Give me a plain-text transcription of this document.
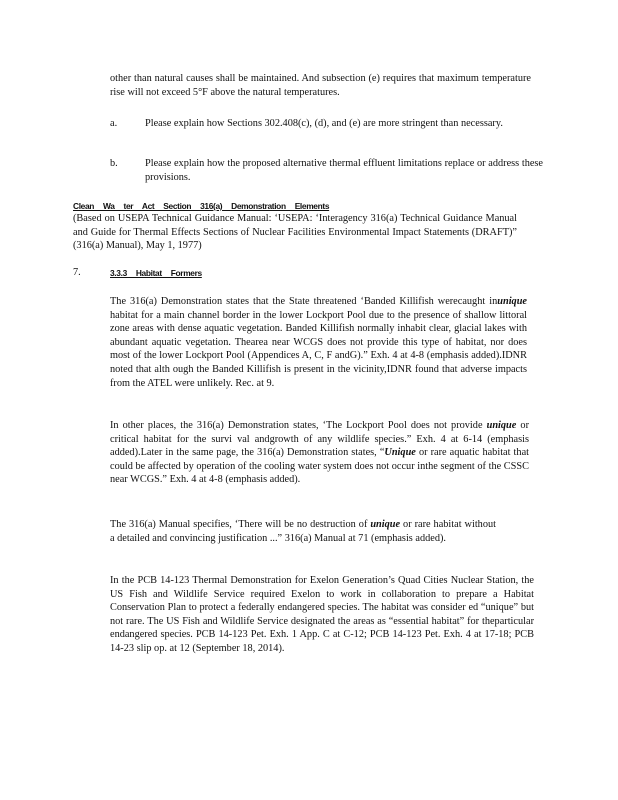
other than natural causes shall be maintained. And subsection (e) requires that maximum temperature rise will not exceed 5°F above the natural temperatures.

a.	Please explain how Sections 302.408(c), (d), and (e) are more stringent than necessary.

b.	Please explain how the proposed alternative thermal effluent limitations replace or address these provisions.

Clean Wa ter Act Section 316(a) Demonstration Elements

(Based on USEPA Technical Guidance Manual: ‘USEPA: ‘Interagency 316(a) Technical Guidance Manual and Guide for Thermal Effects Sections of Nuclear Facilities Environmental Impact Statements (DRAFT)” (316(a) Manual), May 1, 1977)

7.	3.3.3 Habitat Formers

The 316(a) Demonstration states that the State threatened ‘Banded Killifish werecaught inunique habitat for a main channel border in the lower Lockport Pool due to the presence of shallow littoral zone areas with dense aquatic vegetation. Banded Killifish normally inhabit clear, glacial lakes with abundant aquatic vegetation. Thearea near WCGS does not provide this type of habitat, nor does most of the lower Lockport Pool (Appendices A, C, F andG).” Exh. 4 at 4-8 (emphasis added).IDNR noted that alth ough the Banded Killifish is present in the vicinity,IDNR found that adverse impacts from the ATEL were unlikely. Rec. at 9.

In other places, the 316(a) Demonstration states, ‘The Lockport Pool does not provide unique or critical habitat for the survi val andgrowth of any wildlife species.” Exh. 4 at 6-14 (emphasis added).Later in the same page, the 316(a) Demonstration states, “Unique or rare aquatic habitat that could be affected by operation of the cooling water system does not occur inthe segment of the CSSC near WCGS.” Exh. 4 at 4-8 (emphasis added).

The 316(a) Manual specifies, ‘There will be no destruction of unique or rare habitat without a detailed and convincing justification ...” 316(a) Manual at 71 (emphasis added).

In the PCB 14-123 Thermal Demonstration for Exelon Generation’s Quad Cities Nuclear Station, the US Fish and Wildlife Service required Exelon to work in collaboration to prepare a Habitat Conservation Plan to protect a federally endangered species. The habitat was consider ed “unique” but not rare. The US Fish and Wildlife Service designated the areas as “essential habitat” for theparticular endangered species. PCB 14-123 Pet. Exh. 1 App. C at C-12; PCB 14-123 Pet. Exh. 4 at 17-18; PCB 14-23 slip op. at 12 (September 18, 2014).
